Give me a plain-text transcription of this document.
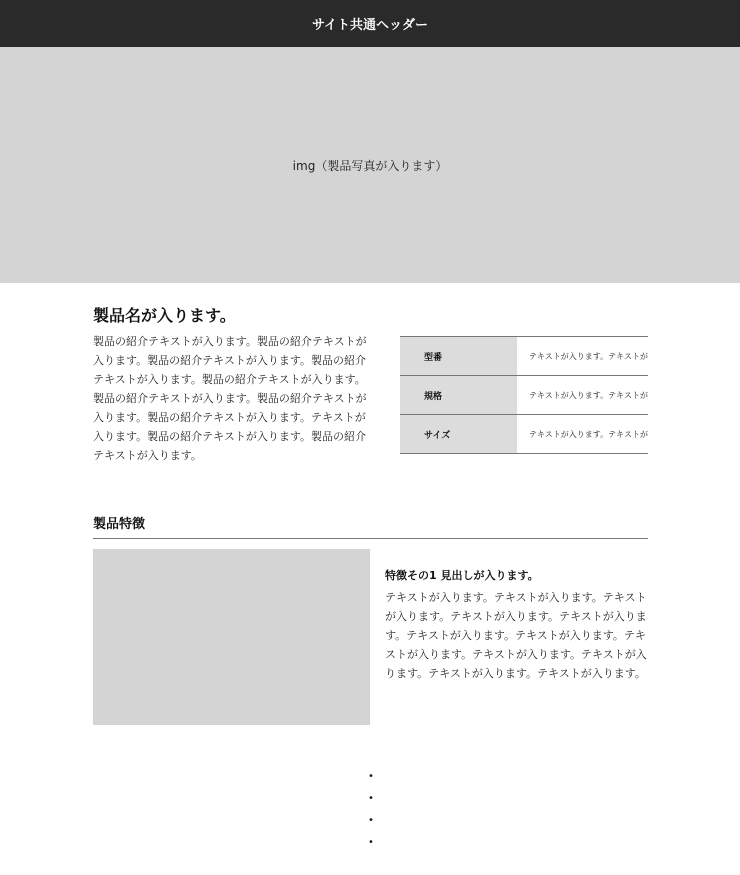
サイト共通ヘッダー
img（製品写真が入ります）
製品名が入ります。

製品の紹介テキストが入ります。製品の紹介テキストが入ります。製品の紹介テキストが入ります。製品の紹介テキストが入ります。製品の紹介テキストが入ります。製品の紹介テキストが入ります。製品の紹介テキストが入ります。製品の紹介テキストが入ります。テキストが入ります。製品の紹介テキストが入ります。製品の紹介テキストが入ります。

型番	テキストが入ります。テキストが
規格	テキストが入ります。テキストが
サイズ	テキストが入ります。テキストが
製品特徴
特徴その1 見出しが入ります。

テキストが入ります。テキストが入ります。テキストが入ります。テキストが入ります。テキストが入ります。テキストが入ります。テキストが入ります。テキストが入ります。テキストが入ります。テキストが入ります。テキストが入ります。テキストが入ります。

•
•
•
•
